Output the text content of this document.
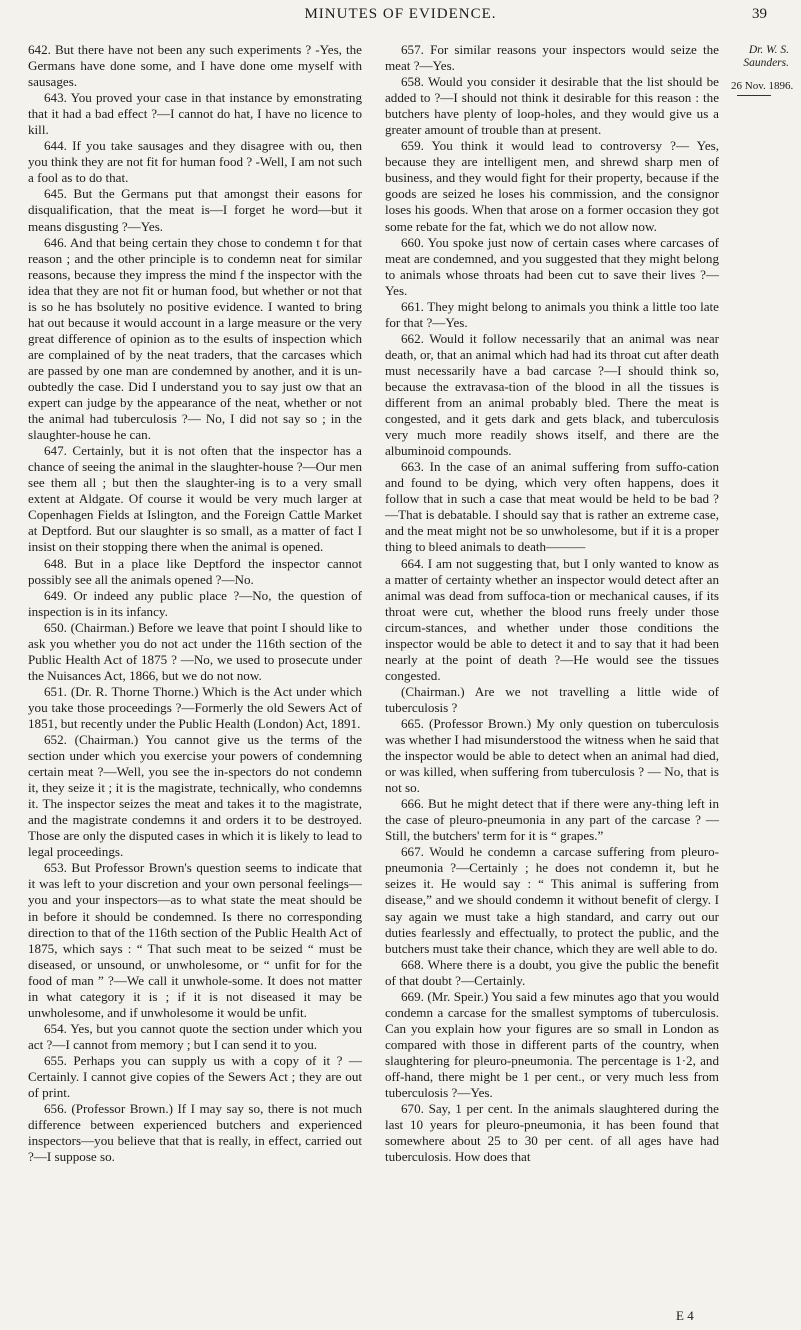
MINUTES OF EVIDENCE.	39

642. But there have not been any such experiments ? -Yes, the Germans have done some, and I have done ome myself with sausages.

643. You proved your case in that instance by emonstrating that it had a bad effect ?—I cannot do hat, I have no licence to kill.

644. If you take sausages and they disagree with ou, then you think they are not fit for human food ? -Well, I am not such a fool as to do that.

645. But the Germans put that amongst their easons for disqualification, that the meat is—I forget he word—but it means disgusting ?—Yes.

646. And that being certain they chose to condemn t for that reason ; and the other principle is to condemn neat for similar reasons, because they impress the mind f the inspector with the idea that they are not fit or human food, but whether or not that is so he has bsolutely no positive evidence. I wanted to bring hat out because it would account in a large measure or the very great difference of opinion as to the esults of inspection which are complained of by the neat traders, that the carcases which are passed by one man are condemned by another, and it is un-oubtedly the case. Did I understand you to say just ow that an expert can judge by the appearance of the neat, whether or not the animal had tuberculosis ?— No, I did not say so ; in the slaughter-house he can.

647. Certainly, but it is not often that the inspector has a chance of seeing the animal in the slaughter-house ?—Our men see them all ; but then the slaughter-ing is to a very small extent at Aldgate. Of course it would be very much larger at Copenhagen Fields at Islington, and the Foreign Cattle Market at Deptford. But our slaughter is so small, as a matter of fact I insist on their stopping there when the animal is opened.

648. But in a place like Deptford the inspector cannot possibly see all the animals opened ?—No.

649. Or indeed any public place ?—No, the question of inspection is in its infancy.

650. (Chairman.) Before we leave that point I should like to ask you whether you do not act under the 116th section of the Public Health Act of 1875 ? —No, we used to prosecute under the Nuisances Act, 1866, but we do not now.

651. (Dr. R. Thorne Thorne.) Which is the Act under which you take those proceedings ?—Formerly the old Sewers Act of 1851, but recently under the Public Health (London) Act, 1891.

652. (Chairman.) You cannot give us the terms of the section under which you exercise your powers of condemning certain meat ?—Well, you see the in-spectors do not condemn it, they seize it ; it is the magistrate, technically, who condemns it. The inspector seizes the meat and takes it to the magistrate, and the magistrate condemns it and orders it to be destroyed. Those are only the disputed cases in which it is likely to lead to legal proceedings.

653. But Professor Brown's question seems to indicate that it was left to your discretion and your own personal feelings—you and your inspectors—as to what state the meat should be in before it should be condemned. Is there no corresponding direction to that of the 116th section of the Public Health Act of 1875, which says : “ That such meat to be seized “ must be diseased, or unsound, or unwholesome, or “ unfit for for the food of man ” ?—We call it unwhole-some. It does not matter in what category it is ; if it is not diseased it may be unwholesome, and if unwholesome it would be unfit.

654. Yes, but you cannot quote the section under which you act ?—I cannot from memory ; but I can send it to you.

655. Perhaps you can supply us with a copy of it ? —Certainly. I cannot give copies of the Sewers Act ; they are out of print.

656. (Professor Brown.) If I may say so, there is not much difference between experienced butchers and experienced inspectors—you believe that that is really, in effect, carried out ?—I suppose so.

657. For similar reasons your inspectors would seize the meat ?—Yes.

658. Would you consider it desirable that the list should be added to ?—I should not think it desirable for this reason : the butchers have plenty of loop-holes, and they would give us a greater amount of trouble than at present.

659. You think it would lead to controversy ?— Yes, because they are intelligent men, and shrewd sharp men of business, and they would fight for their property, because if the goods are seized he loses his commission, and the consignor loses his goods. When that arose on a former occasion they got some rebate for the fat, which we do not allow now.

660. You spoke just now of certain cases where carcases of meat are condemned, and you suggested that they might belong to animals whose throats had been cut to save their lives ?—Yes.

661. They might belong to animals you think a little too late for that ?—Yes.

662. Would it follow necessarily that an animal was near death, or, that an animal which had had its throat cut after death must necessarily have a bad carcase ?—I should think so, because the extravasa-tion of the blood in all the tissues is different from an animal probably bled. There the meat is congested, and it gets dark and gets black, and tuberculosis very much more readily shows itself, and there are the albuminoid compounds.

663. In the case of an animal suffering from suffo-cation and found to be dying, which very often happens, does it follow that in such a case that meat would be held to be bad ?—That is debatable. I should say that is rather an extreme case, and the meat might not be so unwholesome, but if it is a proper thing to bleed animals to death———

664. I am not suggesting that, but I only wanted to know as a matter of certainty whether an inspector would detect after an animal was dead from suffoca-tion or mechanical causes, if its throat were cut, whether the blood runs freely under those circum-stances, and whether under those conditions the inspector would be able to detect it and to say that it had been nearly at the point of death ?—He would see the tissues congested.

(Chairman.) Are we not travelling a little wide of tuberculosis ?

665. (Professor Brown.) My only question on tuberculosis was whether I had misunderstood the witness when he said that the inspector would be able to detect when an animal had died, or was killed, when suffering from tuberculosis ? — No, that is not so.

666. But he might detect that if there were any-thing left in the case of pleuro-pneumonia in any part of the carcase ? — Still, the butchers' term for it is “ grapes.”

667. Would he condemn a carcase suffering from pleuro-pneumonia ?—Certainly ; he does not condemn it, but he seizes it. He would say : “ This animal is suffering from disease,” and we should condemn it without benefit of clergy. I say again we must take a high standard, and carry out our duties fearlessly and effectually, to protect the public, and the butchers must take their chance, which they are well able to do.

668. Where there is a doubt, you give the public the benefit of that doubt ?—Certainly.

669. (Mr. Speir.) You said a few minutes ago that you would condemn a carcase for the smallest symptoms of tuberculosis. Can you explain how your figures are so small in London as compared with those in different parts of the country, when slaughtering for pleuro-pneumonia. The percentage is 1·2, and off-hand, there might be 1 per cent., or very much less from tuberculosis ?—Yes.

670. Say, 1 per cent. In the animals slaughtered during the last 10 years for pleuro-pneumonia, it has been found that somewhere about 25 to 30 per cent. of all ages have had tuberculosis. How does that

Dr. W. S. Saunders.
26 Nov. 1896.
E 4
